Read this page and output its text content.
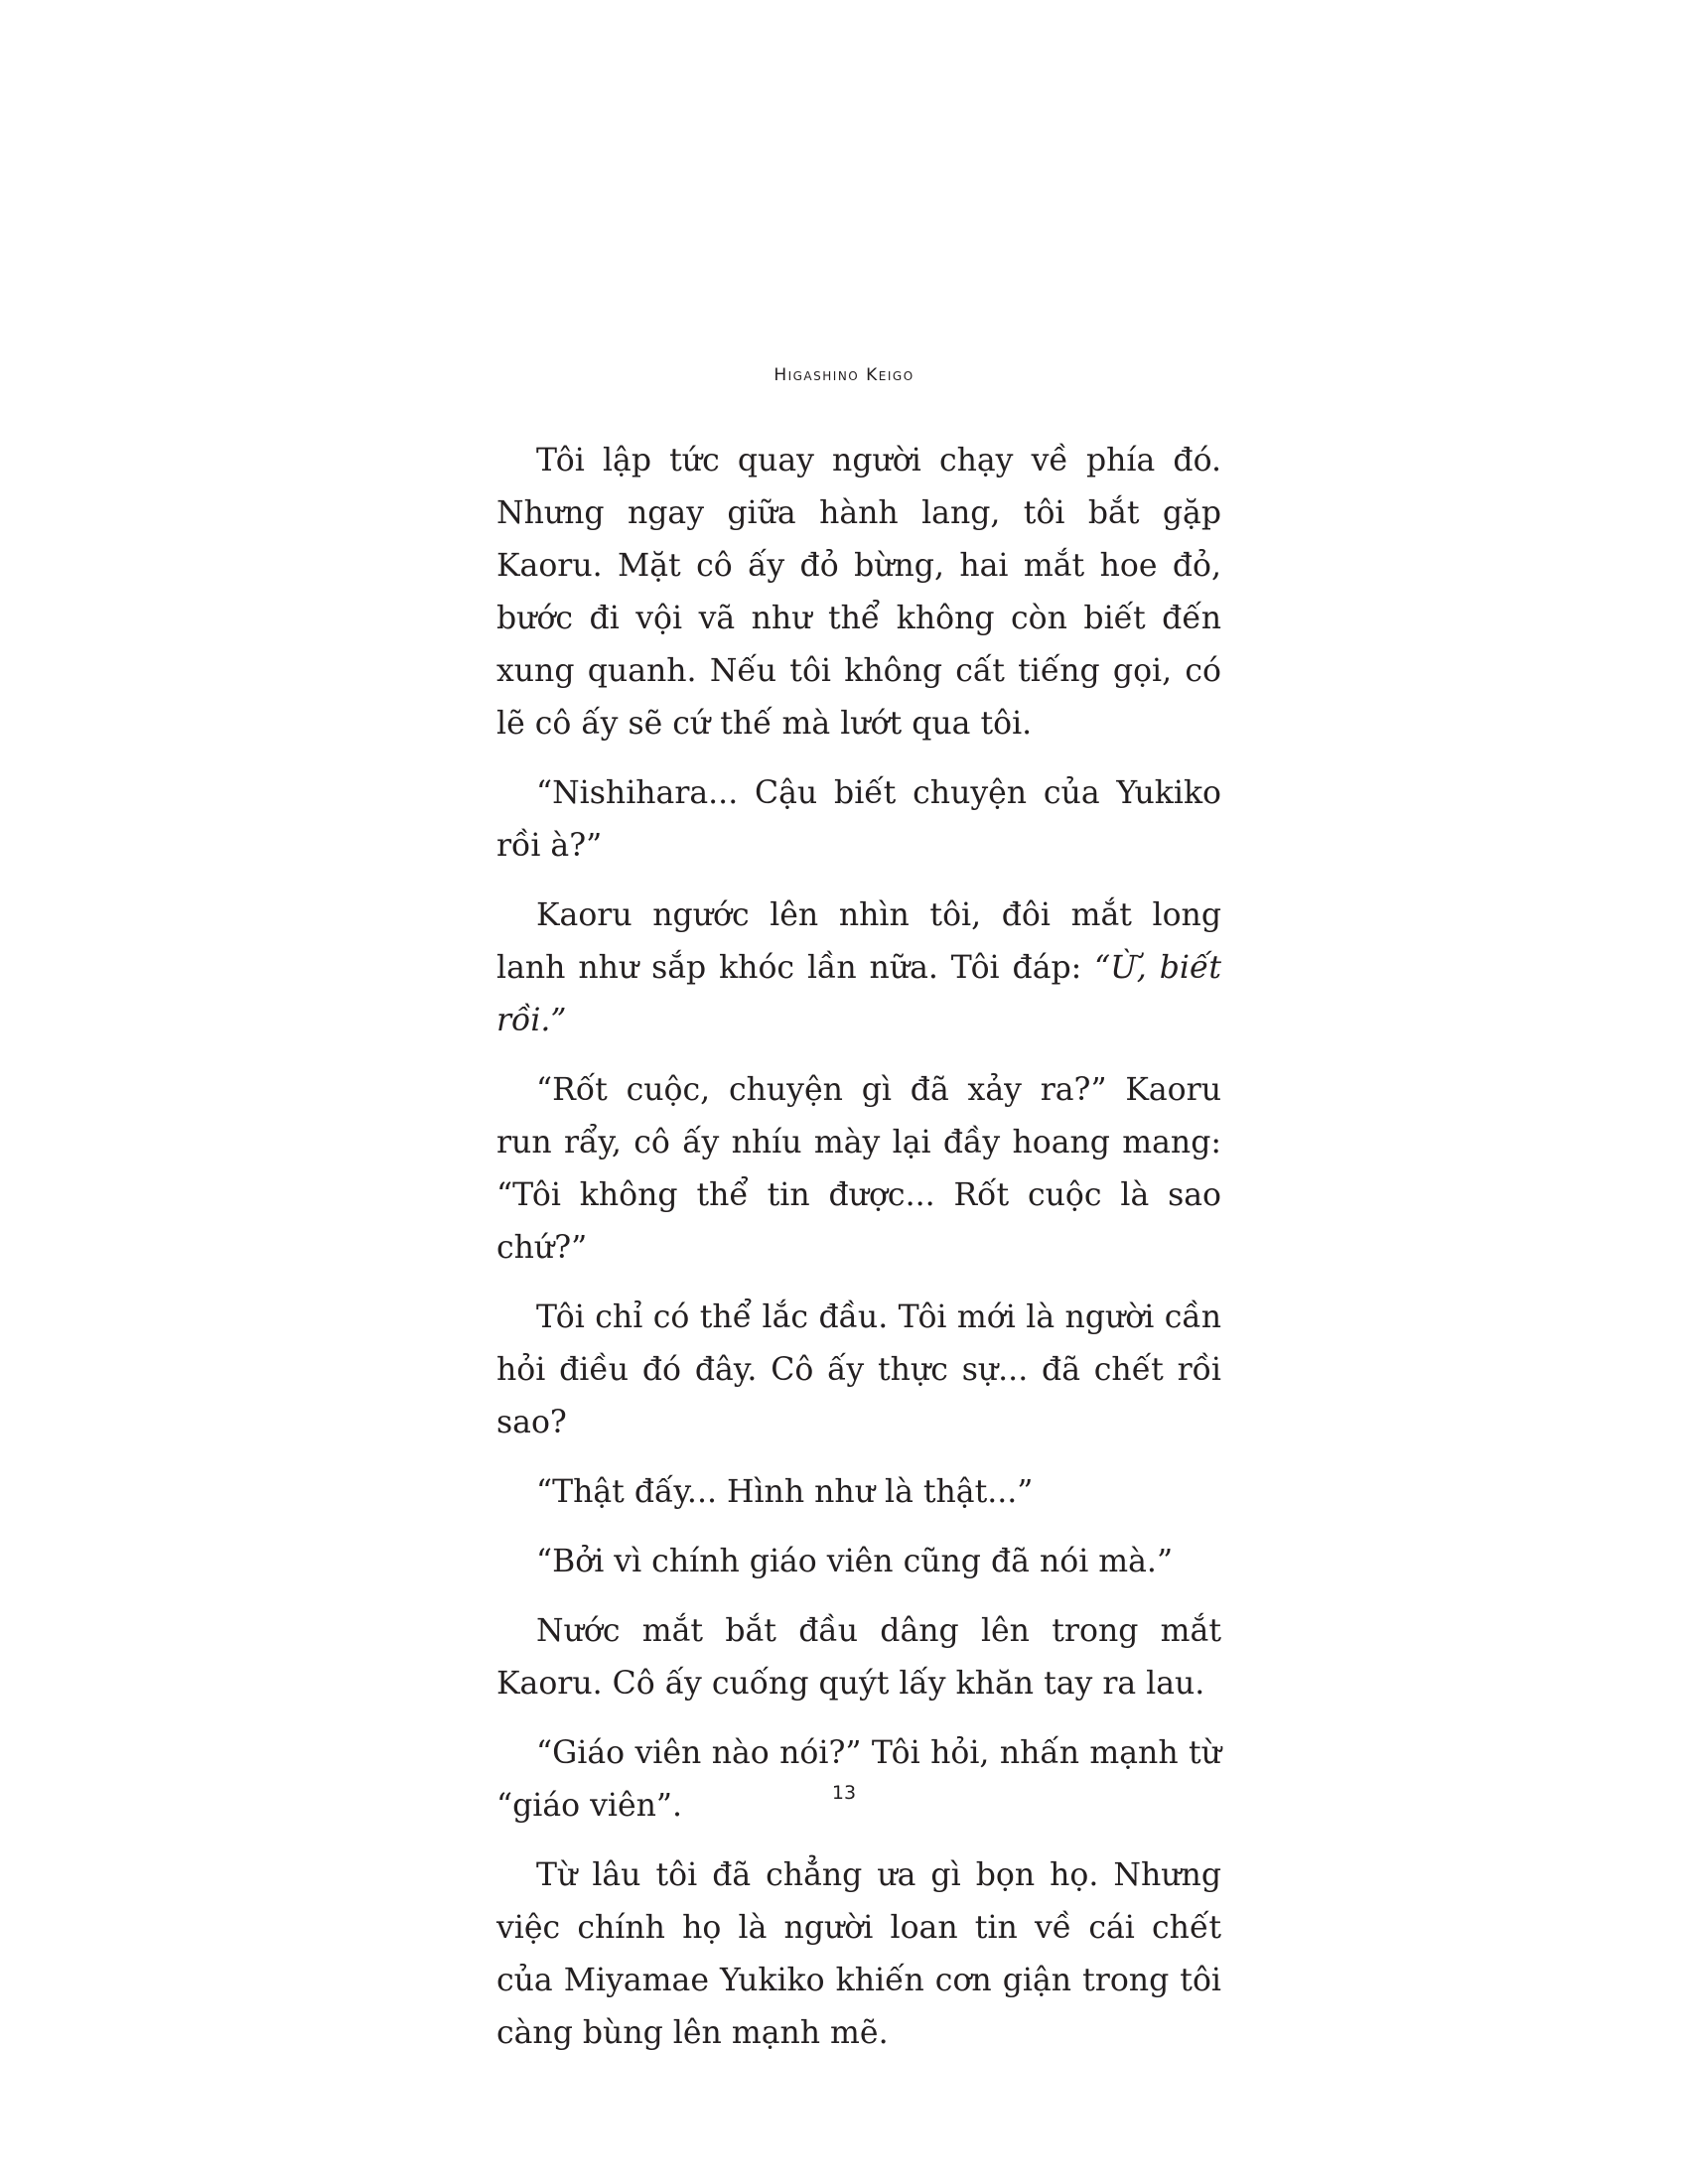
Higashino Keigo

Tôi lập tức quay người chạy về phía đó. Nhưng ngay giữa hành lang, tôi bắt gặp Kaoru. Mặt cô ấy đỏ bừng, hai mắt hoe đỏ, bước đi vội vã như thể không còn biết đến xung quanh. Nếu tôi không cất tiếng gọi, có lẽ cô ấy sẽ cứ thế mà lướt qua tôi.

“Nishihara... Cậu biết chuyện của Yukiko rồi à?”

Kaoru ngước lên nhìn tôi, đôi mắt long lanh như sắp khóc lần nữa. Tôi đáp: “Ừ, biết rồi.”

“Rốt cuộc, chuyện gì đã xảy ra?” Kaoru run rẩy, cô ấy nhíu mày lại đầy hoang mang: “Tôi không thể tin được... Rốt cuộc là sao chứ?”

Tôi chỉ có thể lắc đầu. Tôi mới là người cần hỏi điều đó đây. Cô ấy thực sự... đã chết rồi sao?

“Thật đấy... Hình như là thật...”

“Bởi vì chính giáo viên cũng đã nói mà.”

Nước mắt bắt đầu dâng lên trong mắt Kaoru. Cô ấy cuống quýt lấy khăn tay ra lau.

“Giáo viên nào nói?” Tôi hỏi, nhấn mạnh từ “giáo viên”.

Từ lâu tôi đã chẳng ưa gì bọn họ. Nhưng việc chính họ là người loan tin về cái chết của Miyamae Yukiko khiến cơn giận trong tôi càng bùng lên mạnh mẽ.

13
